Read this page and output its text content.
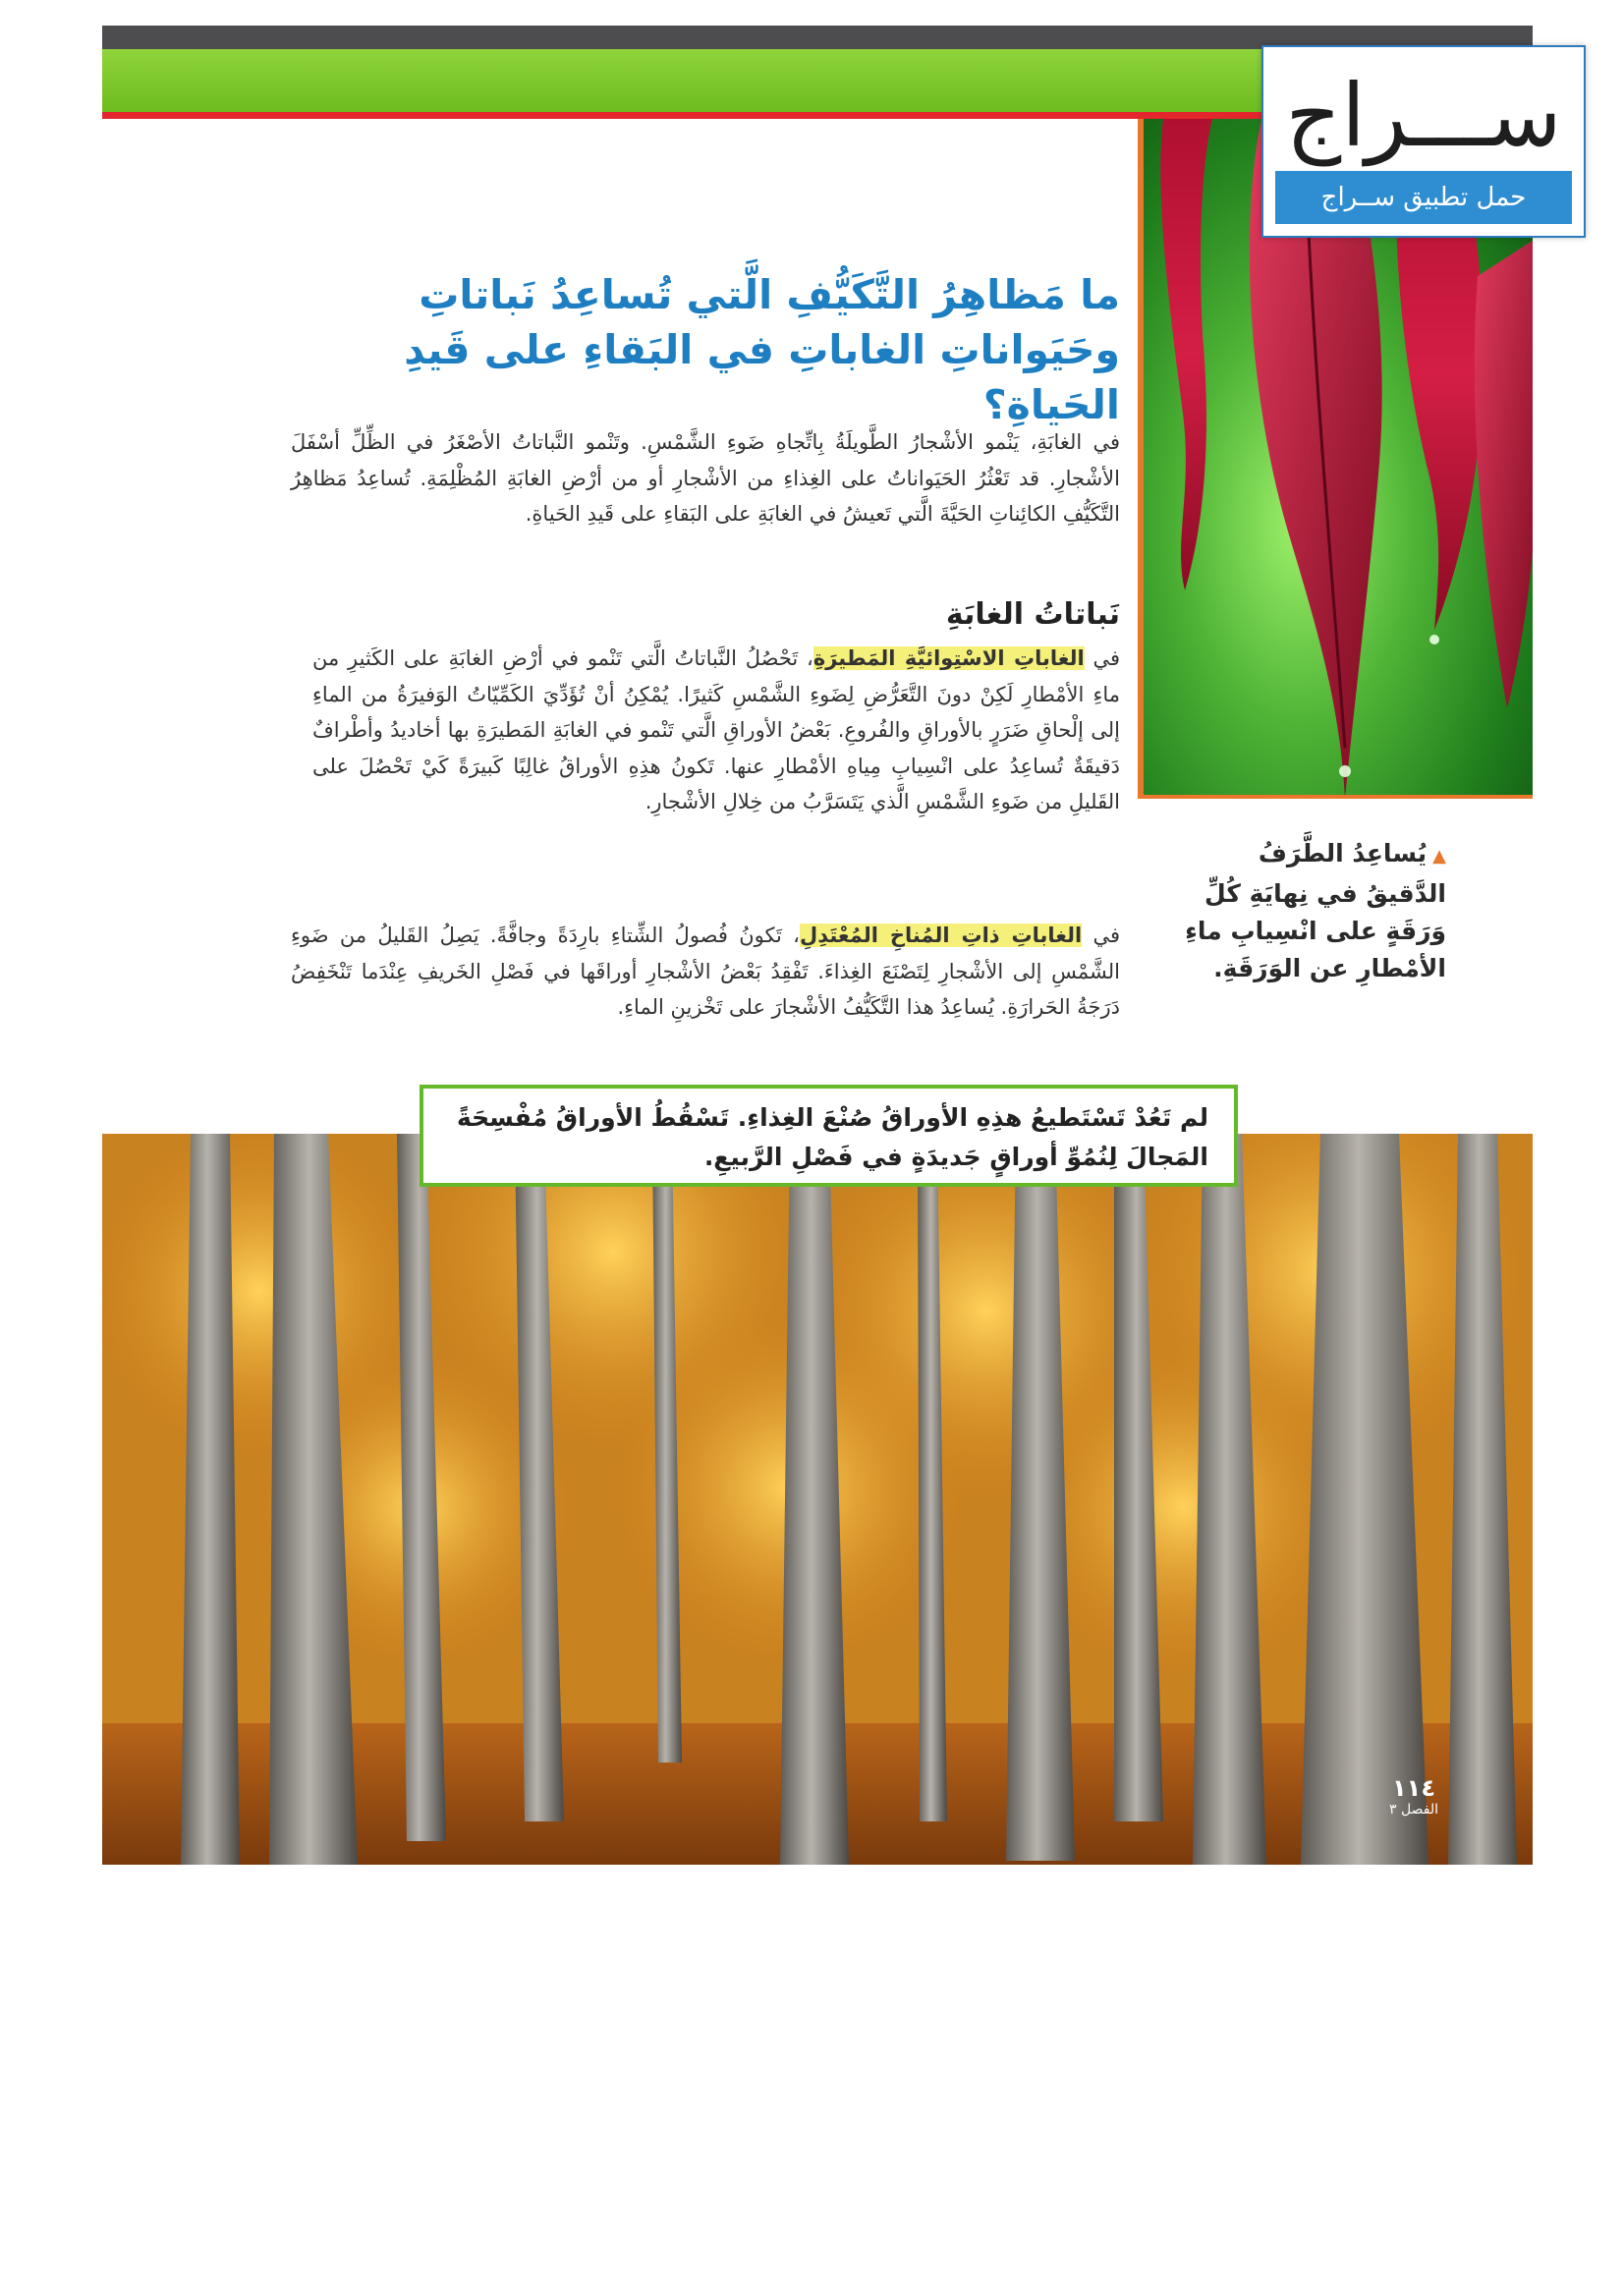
ســـراج
حمل تطبيق ســراج
ما مَظاهِرُ التَّكَيُّفِ الَّتي تُساعِدُ نَباتاتِ وحَيَواناتِ الغاباتِ في البَقاءِ على قَيدِ الحَياةِ؟
في الغابَةِ، يَنْمو الأشْجارُ الطَّويلَةُ بِاتِّجاهِ ضَوءِ الشَّمْسِ. وتَنْمو النَّباتاتُ الأصْغَرُ في الظِّلِّ أسْفَلَ الأشْجارِ. قد تَعْثُرُ الحَيَواناتُ على الغِذاءِ من الأشْجارِ أو من أرْضِ الغابَةِ المُظْلِمَةِ. تُساعِدُ مَظاهِرُ التَّكَيُّفِ الكائِناتِ الحَيَّةَ الَّتي تَعيشُ في الغابَةِ على البَقاءِ على قَيدِ الحَياةِ.
نَباتاتُ الغابَةِ
في الغاباتِ الاسْتِوائيَّةِ المَطيرَةِ، تَحْصُلُ النَّباتاتُ الَّتي تَنْمو في أرْضِ الغابَةِ على الكَثيرِ من ماءِ الأمْطارِ لَكِنْ دونَ التَّعَرُّضِ لِضَوءِ الشَّمْسِ كَثيرًا. يُمْكِنُ أنْ تُؤَدِّيَ الكَمِّيّاتُ الوَفيرَةُ من الماءِ إلى إلْحاقِ ضَرَرٍ بالأوراقِ والفُروعِ. بَعْضُ الأوراقِ الَّتي تَنْمو في الغابَةِ المَطيرَةِ بها أخاديدُ وأطْرافٌ دَقيقَةٌ تُساعِدُ على انْسِيابِ مِياهِ الأمْطارِ عنها. تَكونُ هذِهِ الأوراقُ غالِبًا كَبيرَةً كَيْ تَحْصُلَ على القَليلِ من ضَوءِ الشَّمْسِ الَّذي يَتَسَرَّبُ من خِلالِ الأشْجارِ.
في الغاباتِ ذاتِ المُناخِ المُعْتَدِلِ، تَكونُ فُصولُ الشِّتاءِ بارِدَةً وجافَّةً. يَصِلُ القَليلُ من ضَوءِ الشَّمْسِ إلى الأشْجارِ لِتَصْنَعَ الغِذاءَ. تَفْقِدُ بَعْضُ الأشْجارِ أوراقَها في فَصْلِ الخَريفِ عِنْدَما تَنْخَفِضُ دَرَجَةُ الحَرارَةِ. يُساعِدُ هذا التَّكَيُّفُ الأشْجارَ على تَخْزينِ الماءِ.
▲يُساعِدُ الطَّرَفُ الدَّقيقُ في نِهايَةِ كُلِّ وَرَقَةٍ على انْسِيابِ ماءِ الأمْطارِ عن الوَرَقَةِ.
لم تَعُدْ تَسْتَطيعُ هذِهِ الأوراقُ صُنْعَ الغِذاءِ. تَسْقُطُ الأوراقُ مُفْسِحَةً المَجالَ لِنُمُوِّ أوراقٍ جَديدَةٍ في فَصْلِ الرَّبيعِ.
١١٤
الفصل ٣
